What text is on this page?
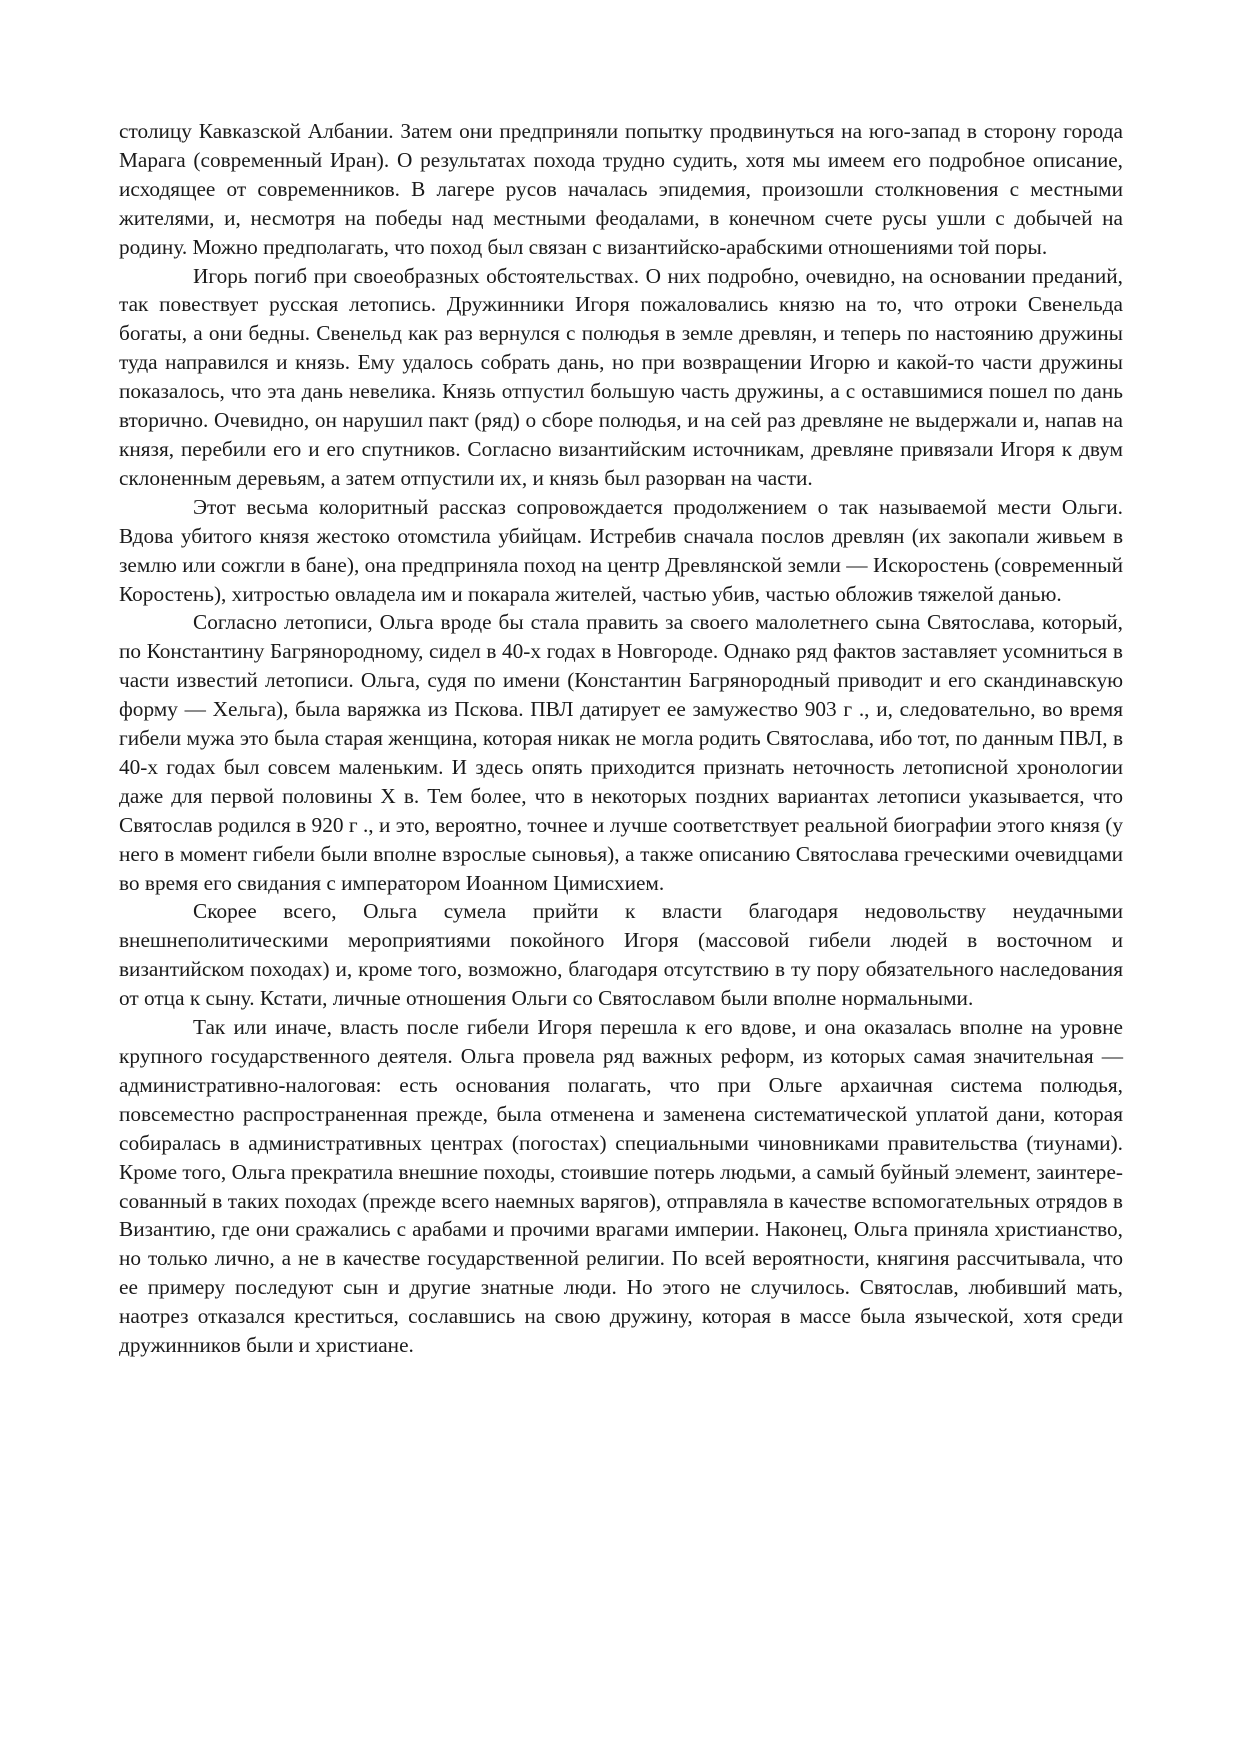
столицу Кавказской Албании. Затем они предприняли попытку продвинуться на юго-запад в сторону города Марага (современный Иран). О результатах похода трудно судить, хотя мы имеем его подробное описание, исходящее от современников. В лагере русов началась эпидемия, произошли столкновения с местными жителями, и, несмотря на победы над местными феодалами, в конечном счете русы ушли с добычей на родину. Можно предполагать, что поход был связан с византийско-арабскими отношениями той поры.

Игорь погиб при своеобразных обстоятельствах. О них подробно, очевидно, на основании преданий, так повествует русская летопись. Дружинники Игоря пожаловались князю на то, что отроки Свенельда богаты, а они бедны. Свенельд как раз вернулся с полюдья в земле древлян, и теперь по настоянию дружины туда направился и князь. Ему удалось собрать дань, но при возвращении Игорю и какой-то части дружины показалось, что эта дань невелика. Князь отпустил большую часть дружины, а с оставшимися пошел по дань вторично. Очевидно, он нарушил пакт (ряд) о сборе полюдья, и на сей раз древляне не выдержали и, напав на князя, перебили его и его спутников. Согласно византийским источникам, древляне привязали Игоря к двум склоненным деревьям, а затем отпустили их, и князь был разорван на части.

Этот весьма колоритный рассказ сопровождается продолжением о так называемой мести Ольги. Вдова убитого князя жестоко отомстила убийцам. Истребив сначала послов древлян (их закопали живьем в землю или сожгли в бане), она предприняла поход на центр Древлянской земли — Искоростень (современный Коростень), хитростью овладела им и покарала жителей, частью убив, частью обложив тяжелой данью.

Согласно летописи, Ольга вроде бы стала править за своего малолетнего сына Святослава, который, по Константину Багрянородному, сидел в 40-х годах в Новгороде. Однако ряд фактов заставляет усомниться в части известий летописи. Ольга, судя по имени (Константин Багрянородный приводит и его скандинавскую форму — Хельга), была варяжка из Пскова. ПВЛ датирует ее замужество 903 г ., и, следовательно, во время гибели мужа это была старая женщина, которая никак не могла родить Святослава, ибо тот, по данным ПВЛ, в 40-х годах был совсем маленьким. И здесь опять приходится признать неточность летописной хронологии даже для первой половины X в. Тем более, что в некоторых поздних вариантах летописи указывается, что Святослав родился в 920 г ., и это, вероятно, точнее и лучше соответствует реальной биографии этого князя (у него в момент гибели были вполне взрослые сыновья), а также описанию Святослава греческими очевидцами во время его свидания с императором Иоанном Цимисхием.

Скорее всего, Ольга сумела прийти к власти благодаря недовольству неудачными внешнеполитическими мероприятиями покойного Игоря (массовой гибели людей в восточном и византийском походах) и, кроме того, возможно, благодаря отсутствию в ту пору обязательного наследования от отца к сыну. Кстати, личные отношения Ольги со Святославом были вполне нормальными.

Так или иначе, власть после гибели Игоря перешла к его вдове, и она оказалась вполне на уровне крупного государственного деятеля. Ольга провела ряд важных реформ, из которых самая значительная — административно-налоговая: есть основания полагать, что при Ольге архаичная система полюдья, повсеместно распространенная прежде, была отменена и заменена систематической уплатой дани, которая собиралась в административных центрах (погостах) специальными чиновниками правительства (тиунами). Кроме того, Ольга прекратила внешние походы, стоившие потерь людьми, а самый буйный элемент, заинтересованный в таких походах (прежде всего наемных варягов), отправляла в качестве вспомогательных отрядов в Византию, где они сражались с арабами и прочими врагами империи. Наконец, Ольга приняла христианство, но только лично, а не в качестве государственной религии. По всей вероятности, княгиня рассчитывала, что ее примеру последуют сын и другие знатные люди. Но этого не случилось. Святослав, любивший мать, наотрез отказался креститься, сославшись на свою дружину, которая в массе была языческой, хотя среди дружинников были и христиане.
